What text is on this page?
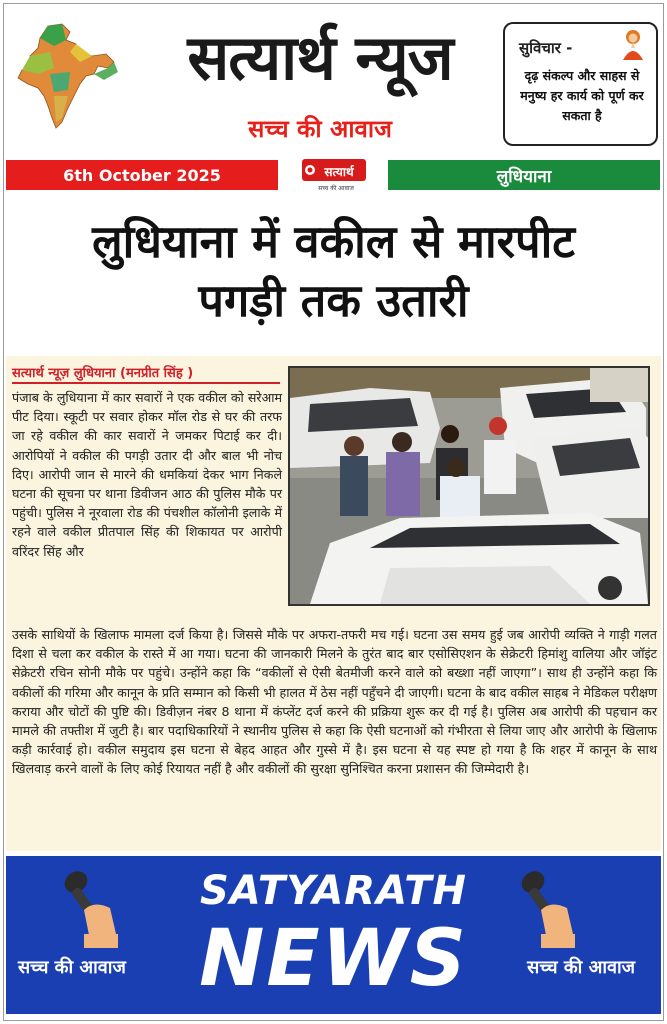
सत्यार्थ न्यूज
सच्च की आवाज
सुविचार -
दृढ़ संकल्प और साहस से मनुष्य हर कार्य को पूर्ण कर सकता है
6th October 2025	सत्यार्थ
सच्च की आवाज
लुधियाना
लुधियाना में वकील से मारपीट
पगड़ी तक उतारी
सत्यार्थ न्यूज़ लुधियाना (मनप्रीत सिंह )
पंजाब के लुधियाना में कार सवारों ने एक वकील को सरेआम पीट दिया। स्कूटी पर सवार होकर मॉल रोड से घर की तरफ जा रहे वकील की कार सवारों ने जमकर पिटाई कर दी। आरोपियों ने वकील की पगड़ी उतार दी और बाल भी नोच दिए। आरोपी जान से मारने की धमकियां देकर भाग निकले घटना की सूचना पर थाना डिवीजन आठ की पुलिस मौके पर पहुंची। पुलिस ने नूरवाला रोड की पंचशील कॉलोनी इलाके में रहने वाले वकील प्रीतपाल सिंह की शिकायत पर आरोपी वरिंदर सिंह और
उसके साथियों के खिलाफ मामला दर्ज किया है। जिससे मौके पर अफरा-तफरी मच गई। घटना उस समय हुई जब आरोपी व्यक्ति ने गाड़ी गलत दिशा से चला कर वकील के रास्ते में आ गया। घटना की जानकारी मिलने के तुरंत बाद बार एसोसिएशन के सेक्रेटरी हिमांशु वालिया और जॉइंट सेक्रेटरी रचिन सोनी मौके पर पहुंचे। उन्होंने कहा कि “वकीलों से ऐसी बेतमीजी करने वाले को बख्शा नहीं जाएगा”। साथ ही उन्होंने कहा कि वकीलों की गरिमा और कानून के प्रति सम्मान को किसी भी हालत में ठेस नहीं पहुँचने दी जाएगी। घटना के बाद वकील साहब ने मेडिकल परीक्षण कराया और चोटों की पुष्टि की। डिवीज़न नंबर 8 थाना में कंप्लेंट दर्ज करने की प्रक्रिया शुरू कर दी गई है। पुलिस अब आरोपी की पहचान कर मामले की तफ्तीश में जुटी है। बार पदाधिकारियों ने स्थानीय पुलिस से कहा कि ऐसी घटनाओं को गंभीरता से लिया जाए और आरोपी के खिलाफ कड़ी कार्रवाई हो। वकील समुदाय इस घटना से बेहद आहत और गुस्से में है। इस घटना से यह स्पष्ट हो गया है कि शहर में कानून के साथ खिलवाड़ करने वालों के लिए कोई रियायत नहीं है और वकीलों की सुरक्षा सुनिश्चित करना प्रशासन की जिम्मेदारी है।
SATYARATH
NEWS
सच्च की आवाज	सच्च की आवाज
